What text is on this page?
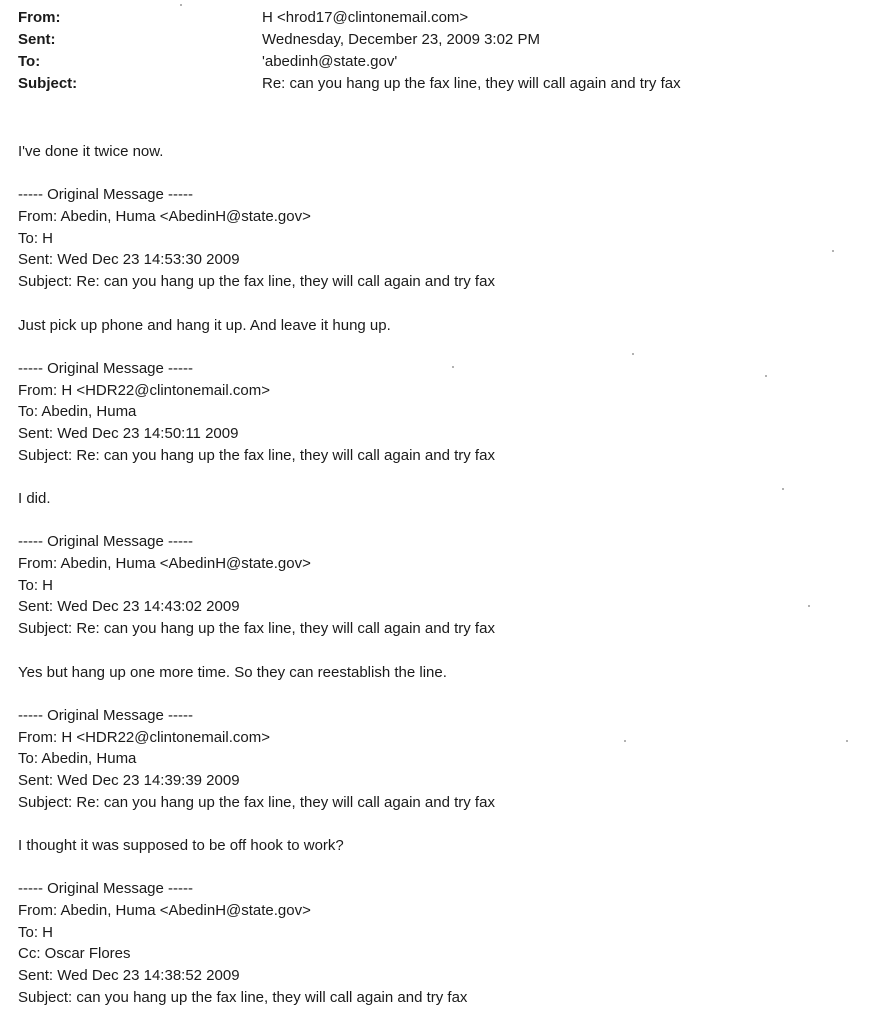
From:	H <hrod17@clintonemail.com>
Sent:	Wednesday, December 23, 2009 3:02 PM
To:	'abedinh@state.gov'
Subject:	Re: can you hang up the fax line, they will call again and try fax
I've done it twice now.
----- Original Message -----
From: Abedin, Huma <AbedinH@state.gov>
To: H
Sent: Wed Dec 23 14:53:30 2009
Subject: Re: can you hang up the fax line, they will call again and try fax
Just pick up phone and hang it up. And leave it hung up.
----- Original Message -----
From: H <HDR22@clintonemail.com>
To: Abedin, Huma
Sent: Wed Dec 23 14:50:11 2009
Subject: Re: can you hang up the fax line, they will call again and try fax
I did.
----- Original Message -----
From: Abedin, Huma <AbedinH@state.gov>
To: H
Sent: Wed Dec 23 14:43:02 2009
Subject: Re: can you hang up the fax line, they will call again and try fax
Yes but hang up one more time. So they can reestablish the line.
----- Original Message -----
From: H <HDR22@clintonemail.com>
To: Abedin, Huma
Sent: Wed Dec 23 14:39:39 2009
Subject: Re: can you hang up the fax line, they will call again and try fax
I thought it was supposed to be off hook to work?
----- Original Message -----
From: Abedin, Huma <AbedinH@state.gov>
To: H
Cc: Oscar Flores
Sent: Wed Dec 23 14:38:52 2009
Subject: can you hang up the fax line, they will call again and try fax
